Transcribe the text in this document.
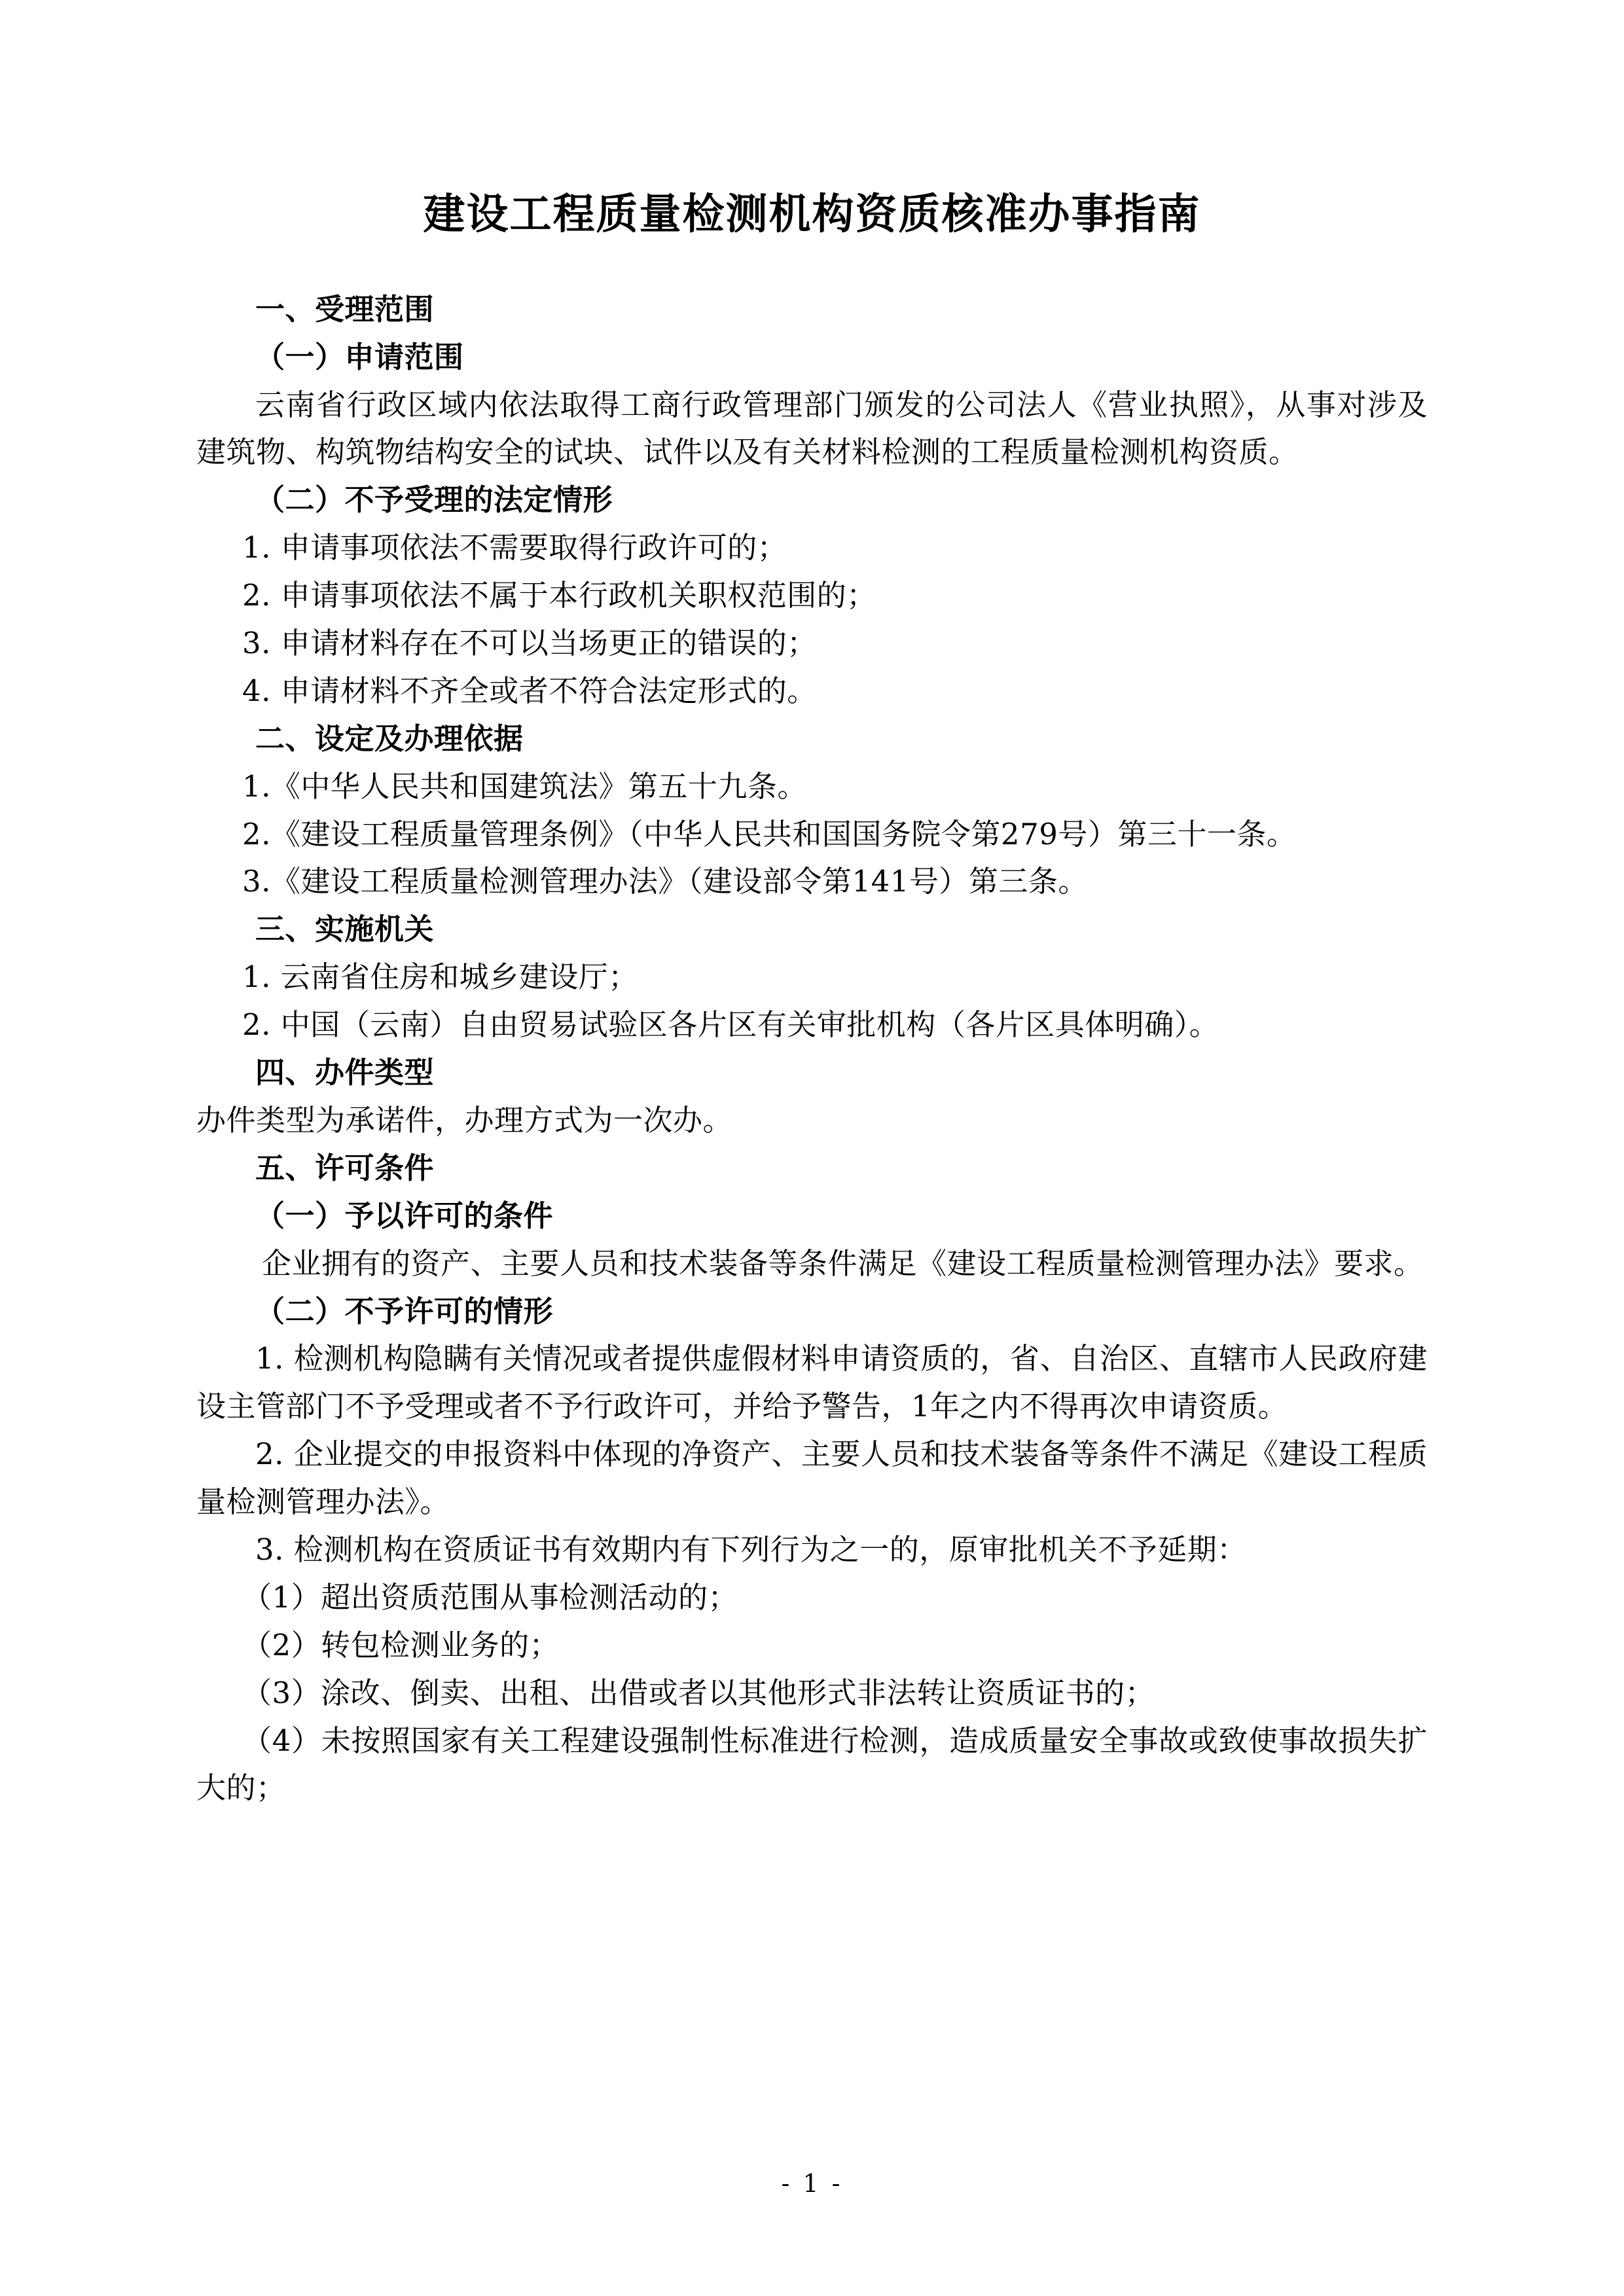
建设工程质量检测机构资质核准办事指南

一、受理范围

（一）申请范围

云南省行政区域内依法取得工商行政管理部门颁发的公司法人《营业执照》，从事对涉及建筑物、构筑物结构安全的试块、试件以及有关材料检测的工程质量检测机构资质。

（二）不予受理的法定情形

1. 申请事项依法不需要取得行政许可的；

2. 申请事项依法不属于本行政机关职权范围的；

3. 申请材料存在不可以当场更正的错误的；

4. 申请材料不齐全或者不符合法定形式的。

二、设定及办理依据

1.《中华人民共和国建筑法》第五十九条。

2.《建设工程质量管理条例》（中华人民共和国国务院令第279号）第三十一条。

3.《建设工程质量检测管理办法》（建设部令第141号）第三条。

三、实施机关

1. 云南省住房和城乡建设厅；

2. 中国（云南）自由贸易试验区各片区有关审批机构（各片区具体明确）。

四、办件类型

办件类型为承诺件，办理方式为一次办。

五、许可条件

（一）予以许可的条件

企业拥有的资产、主要人员和技术装备等条件满足《建设工程质量检测管理办法》要求。

（二）不予许可的情形

1. 检测机构隐瞒有关情况或者提供虚假材料申请资质的，省、自治区、直辖市人民政府建设主管部门不予受理或者不予行政许可，并给予警告，1年之内不得再次申请资质。

2. 企业提交的申报资料中体现的净资产、主要人员和技术装备等条件不满足《建设工程质量检测管理办法》。

3. 检测机构在资质证书有效期内有下列行为之一的，原审批机关不予延期：

（1）超出资质范围从事检测活动的；

（2）转包检测业务的；

（3）涂改、倒卖、出租、出借或者以其他形式非法转让资质证书的；

（4）未按照国家有关工程建设强制性标准进行检测，造成质量安全事故或致使事故损失扩大的；

- 1 -
